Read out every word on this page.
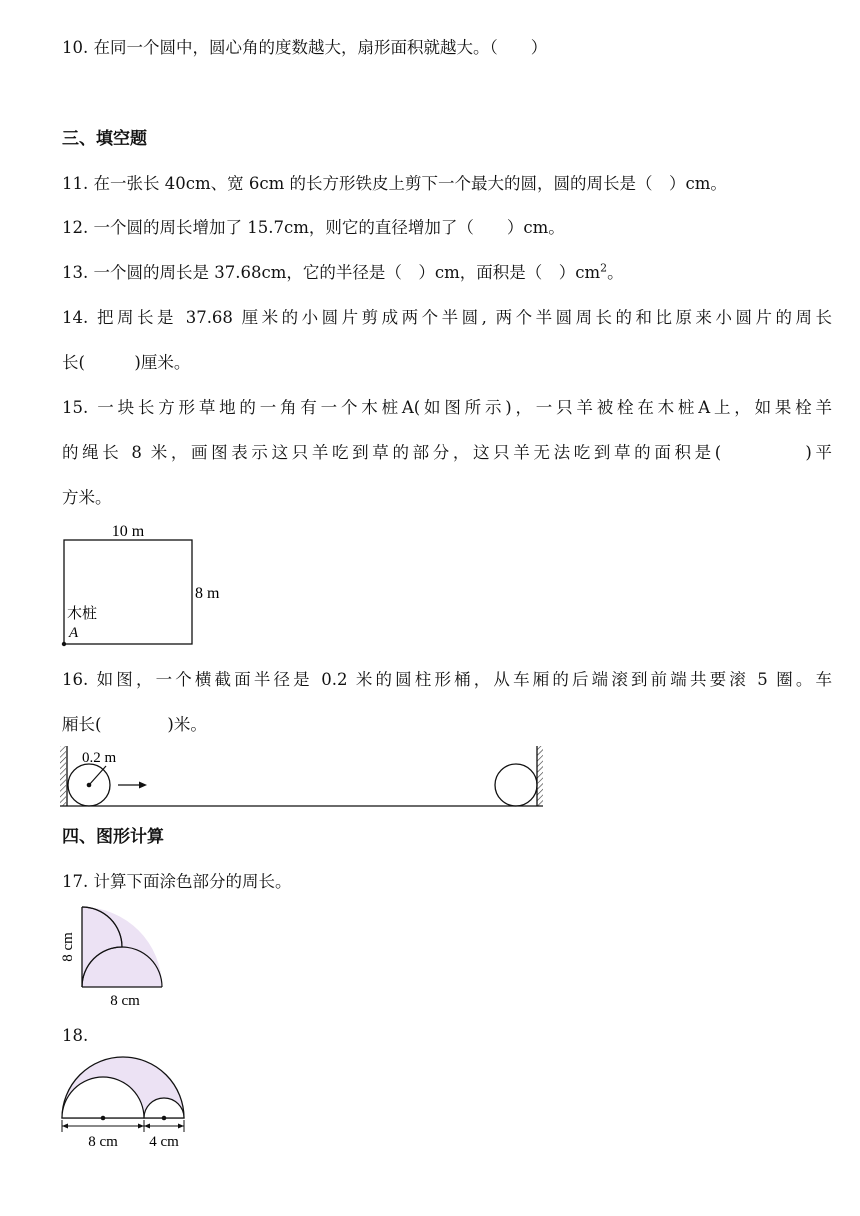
10. 在同一个圆中，圆心角的度数越大，扇形面积就越大。（　　）
三、填空题
11. 在一张长 40cm、宽 6cm 的长方形铁皮上剪下一个最大的圆，圆的周长是（　）cm。
12. 一个圆的周长增加了 15.7cm，则它的直径增加了（　　）cm。
13. 一个圆的周长是 37.68cm，它的半径是（　）cm，面积是（　）$cm^2$。
14. 把周长是 37.68 厘米的小圆片剪成两个半圆, 两个半圆周长的和比原来小圆片的周长
长(　　　)厘米。
15. 一块长方形草地的一角有一个木桩A(如图所示)，一只羊被栓在木桩A上，如果栓羊
的绳长 8 米，画图表示这只羊吃到草的部分，这只羊无法吃到草的面积是(　　　　)平
方米。
10 m
8 m
木桩
A
16. 如图，一个横截面半径是 0.2 米的圆柱形桶，从车厢的后端滚到前端共要滚 5 圈。车
厢长(　　　　)米。
0.2 m
四、图形计算
17. 计算下面涂色部分的周长。
8 cm
8 cm
18.
8 cm 4 cm
